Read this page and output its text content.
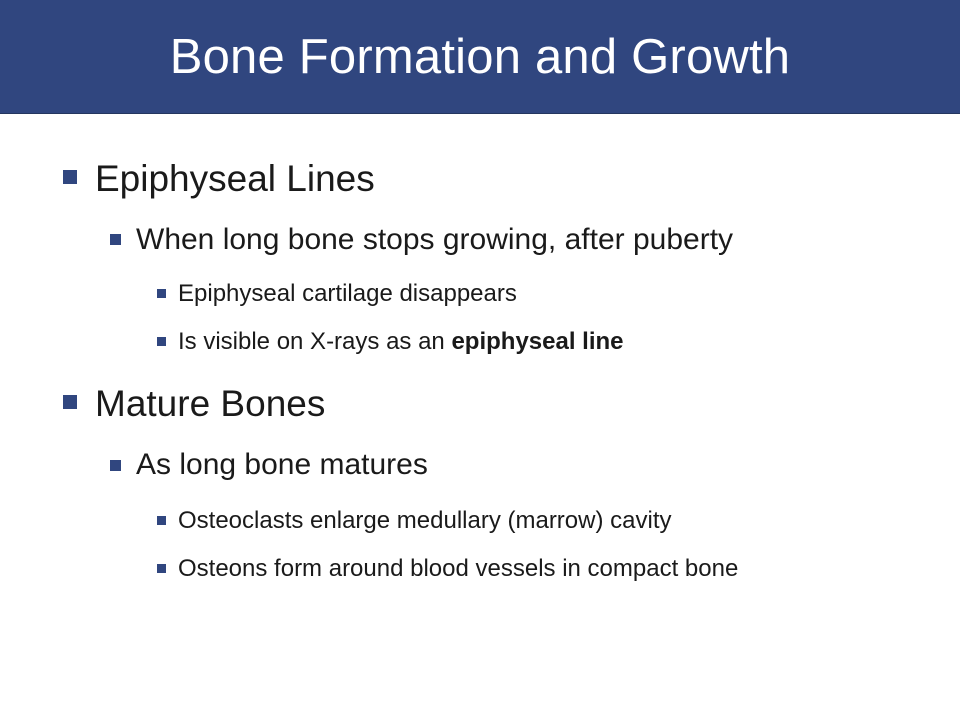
Bone Formation and Growth
Epiphyseal Lines
When long bone stops growing, after puberty
Epiphyseal cartilage disappears
Is visible on X-rays as an epiphyseal line
Mature Bones
As long bone matures
Osteoclasts enlarge medullary (marrow) cavity
Osteons form around blood vessels in compact bone
